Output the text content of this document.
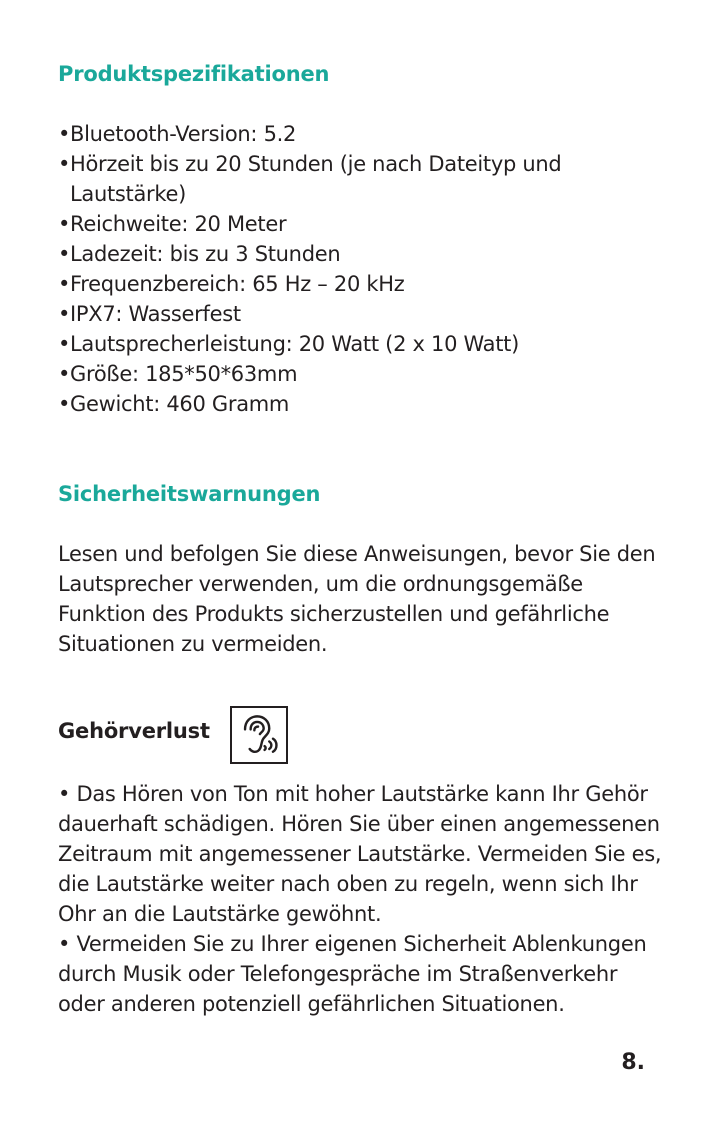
Produktspezifikationen
• Bluetooth-Version: 5.2
• Hörzeit bis zu 20 Stunden (je nach Dateityp und Lautstärke)
• Reichweite: 20 Meter
• Ladezeit: bis zu 3 Stunden
• Frequenzbereich: 65 Hz – 20 kHz
• IPX7: Wasserfest
• Lautsprecherleistung: 20 Watt (2 x 10 Watt)
• Größe: 185*50*63mm
• Gewicht: 460 Gramm
Sicherheitswarnungen

Lesen und befolgen Sie diese Anweisungen, bevor Sie den Lautsprecher verwenden, um die ordnungsgemäße Funktion des Produkts sicherzustellen und gefährliche Situationen zu vermeiden.

Gehörverlust
• Das Hören von Ton mit hoher Lautstärke kann Ihr Gehör dauerhaft schädigen. Hören Sie über einen angemessenen Zeitraum mit angemessener Lautstärke. Vermeiden Sie es, die Lautstärke weiter nach oben zu regeln, wenn sich Ihr Ohr an die Lautstärke gewöhnt.
• Vermeiden Sie zu Ihrer eigenen Sicherheit Ablenkungen durch Musik oder Telefongespräche im Straßenverkehr oder anderen potenziell gefährlichen Situationen.

8.
